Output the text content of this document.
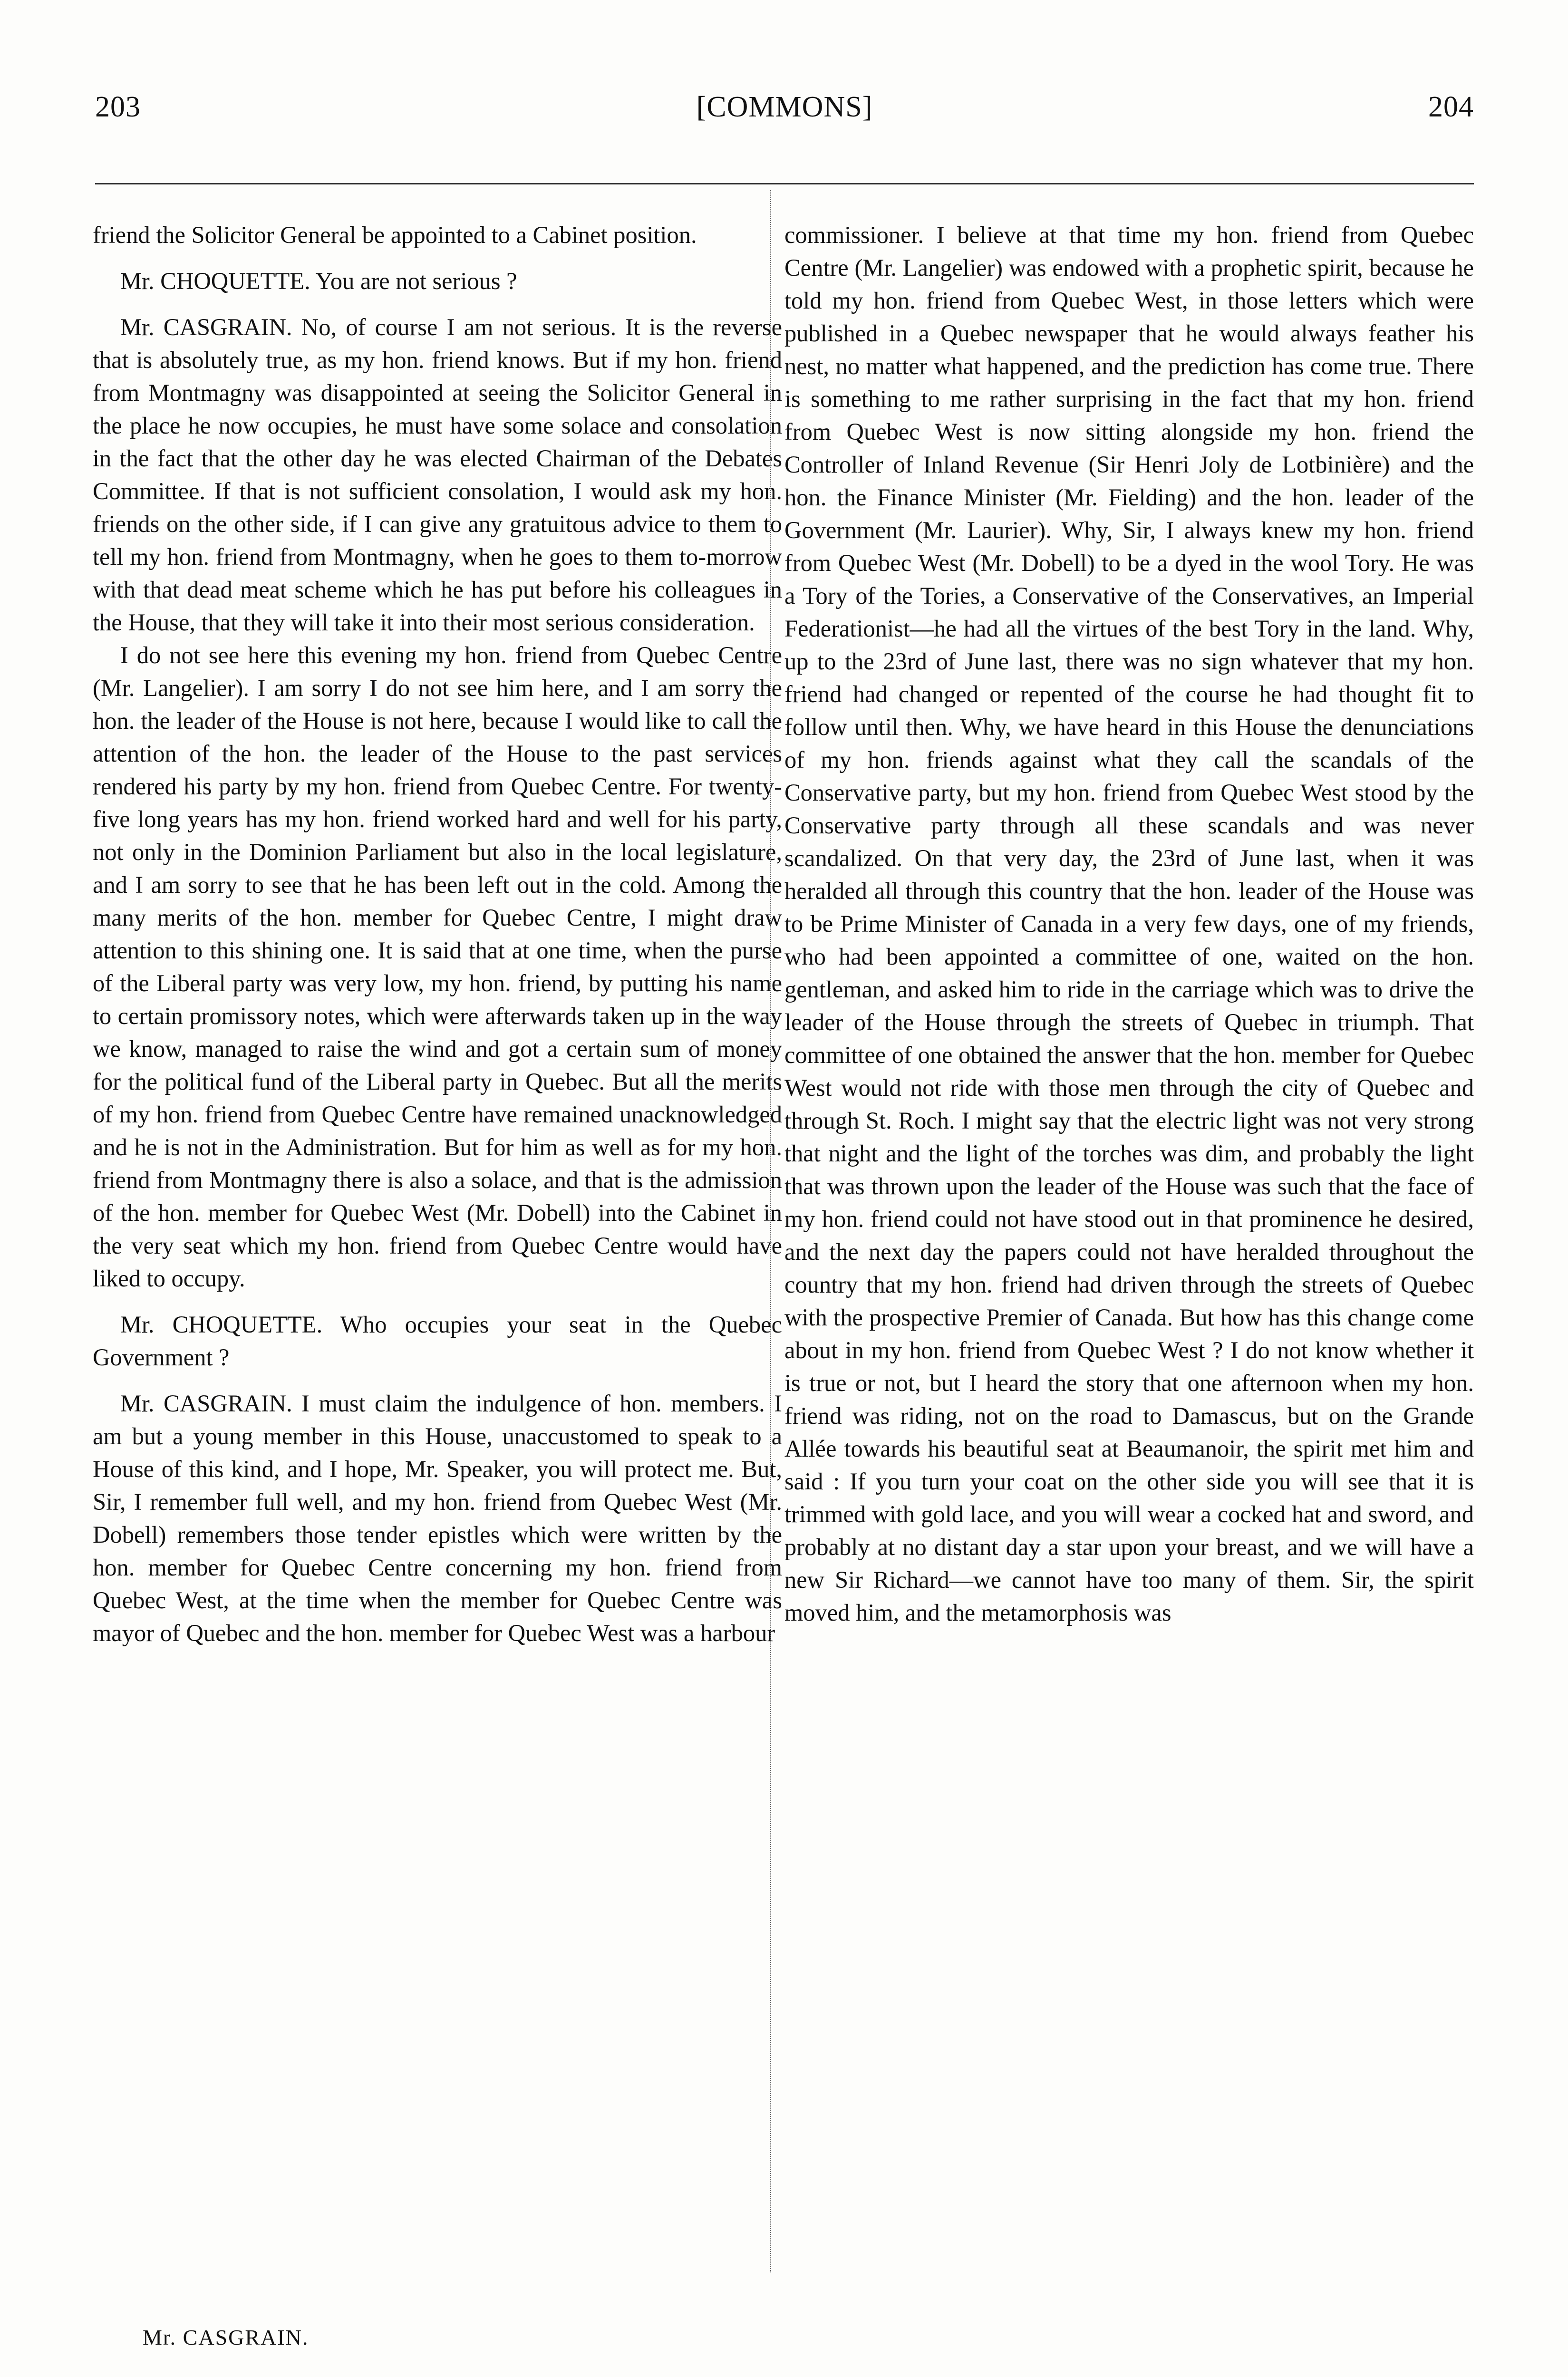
203	[COMMONS]	204

friend the Solicitor General be appointed to a Cabinet position.

Mr. CHOQUETTE. You are not serious ?

Mr. CASGRAIN. No, of course I am not serious. It is the reverse that is absolutely true, as my hon. friend knows. But if my hon. friend from Montmagny was disappointed at seeing the Solicitor General in the place he now occupies, he must have some solace and consolation in the fact that the other day he was elected Chairman of the Debates Committee. If that is not sufficient consolation, I would ask my hon. friends on the other side, if I can give any gratuitous advice to them to tell my hon. friend from Montmagny, when he goes to them to-morrow with that dead meat scheme which he has put before his colleagues in the House, that they will take it into their most serious consideration.

I do not see here this evening my hon. friend from Quebec Centre (Mr. Langelier). I am sorry I do not see him here, and I am sorry the hon. the leader of the House is not here, because I would like to call the attention of the hon. the leader of the House to the past services rendered his party by my hon. friend from Quebec Centre. For twenty-five long years has my hon. friend worked hard and well for his party, not only in the Dominion Parliament but also in the local legislature, and I am sorry to see that he has been left out in the cold. Among the many merits of the hon. member for Quebec Centre, I might draw attention to this shining one. It is said that at one time, when the purse of the Liberal party was very low, my hon. friend, by putting his name to certain promissory notes, which were afterwards taken up in the way we know, managed to raise the wind and got a certain sum of money for the political fund of the Liberal party in Quebec. But all the merits of my hon. friend from Quebec Centre have remained unacknowledged and he is not in the Administration. But for him as well as for my hon. friend from Montmagny there is also a solace, and that is the admission of the hon. member for Quebec West (Mr. Dobell) into the Cabinet in the very seat which my hon. friend from Quebec Centre would have liked to occupy.

Mr. CHOQUETTE. Who occupies your seat in the Quebec Government ?

Mr. CASGRAIN. I must claim the indulgence of hon. members. I am but a young member in this House, unaccustomed to speak to a House of this kind, and I hope, Mr. Speaker, you will protect me. But, Sir, I remember full well, and my hon. friend from Quebec West (Mr. Dobell) remembers those tender epistles which were written by the hon. member for Quebec Centre concerning my hon. friend from Quebec West, at the time when the member for Quebec Centre was mayor of Quebec and the hon. member for Quebec West was a harbour

commissioner. I believe at that time my hon. friend from Quebec Centre (Mr. Langelier) was endowed with a prophetic spirit, because he told my hon. friend from Quebec West, in those letters which were published in a Quebec newspaper that he would always feather his nest, no matter what happened, and the prediction has come true. There is something to me rather surprising in the fact that my hon. friend from Quebec West is now sitting alongside my hon. friend the Controller of Inland Revenue (Sir Henri Joly de Lotbinière) and the hon. the Finance Minister (Mr. Fielding) and the hon. leader of the Government (Mr. Laurier). Why, Sir, I always knew my hon. friend from Quebec West (Mr. Dobell) to be a dyed in the wool Tory. He was a Tory of the Tories, a Conservative of the Conservatives, an Imperial Federationist—he had all the virtues of the best Tory in the land. Why, up to the 23rd of June last, there was no sign whatever that my hon. friend had changed or repented of the course he had thought fit to follow until then. Why, we have heard in this House the denunciations of my hon. friends against what they call the scandals of the Conservative party, but my hon. friend from Quebec West stood by the Conservative party through all these scandals and was never scandalized. On that very day, the 23rd of June last, when it was heralded all through this country that the hon. leader of the House was to be Prime Minister of Canada in a very few days, one of my friends, who had been appointed a committee of one, waited on the hon. gentleman, and asked him to ride in the carriage which was to drive the leader of the House through the streets of Quebec in triumph. That committee of one obtained the answer that the hon. member for Quebec West would not ride with those men through the city of Quebec and through St. Roch. I might say that the electric light was not very strong that night and the light of the torches was dim, and probably the light that was thrown upon the leader of the House was such that the face of my hon. friend could not have stood out in that prominence he desired, and the next day the papers could not have heralded throughout the country that my hon. friend had driven through the streets of Quebec with the prospective Premier of Canada. But how has this change come about in my hon. friend from Quebec West ? I do not know whether it is true or not, but I heard the story that one afternoon when my hon. friend was riding, not on the road to Damascus, but on the Grande Allée towards his beautiful seat at Beaumanoir, the spirit met him and said : If you turn your coat on the other side you will see that it is trimmed with gold lace, and you will wear a cocked hat and sword, and probably at no distant day a star upon your breast, and we will have a new Sir Richard—we cannot have too many of them. Sir, the spirit moved him, and the metamorphosis was

Mr. CASGRAIN.
